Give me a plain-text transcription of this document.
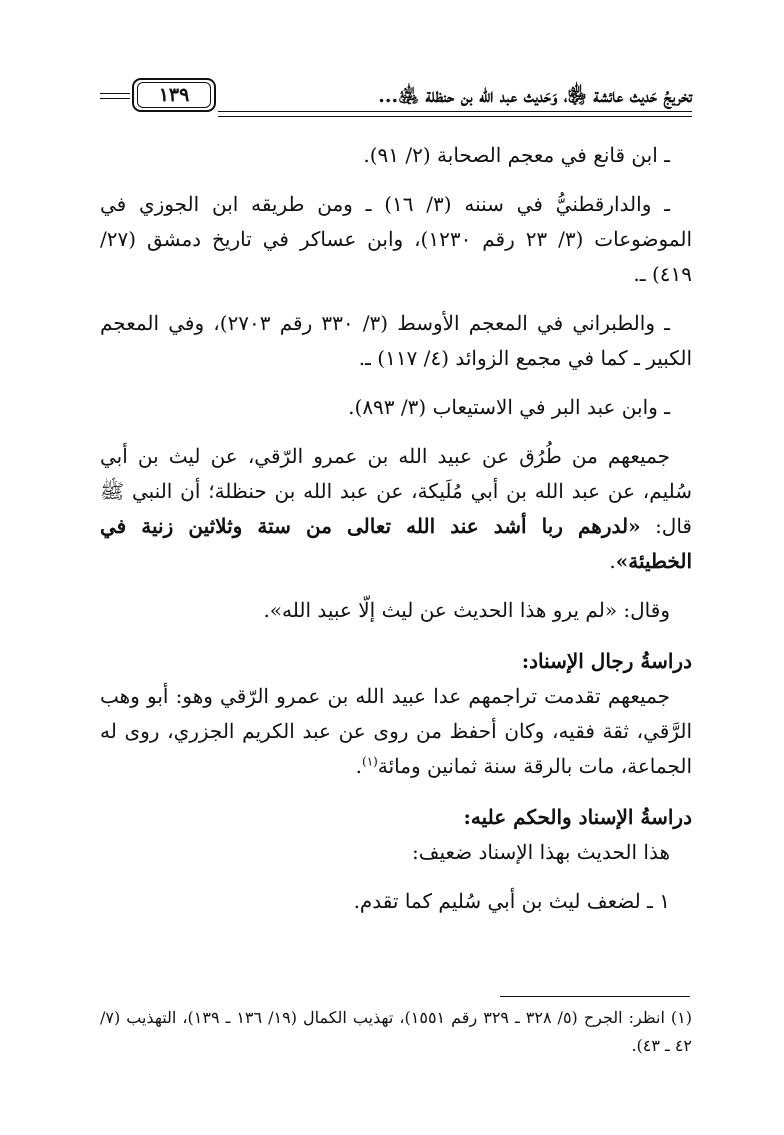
تخريجُ حَديث عائشة ﵂، وَحَديث عبد الله بن حنظلة ﵁...
١٣٩

ـ ابن قانع في معجم الصحابة (٢/ ٩١).

ـ والدارقطنيُّ في سننه (٣/ ١٦) ـ ومن طريقه ابن الجوزي في الموضوعات (٣/ ٢٣ رقم ١٢٣٠)، وابن عساكر في تاريخ دمشق (٢٧/ ٤١٩) ـ.

ـ والطبراني في المعجم الأوسط (٣/ ٣٣٠ رقم ٢٧٠٣)، وفي المعجم الكبير ـ كما في مجمع الزوائد (٤/ ١١٧) ـ.

ـ وابن عبد البر في الاستيعاب (٣/ ٨٩٣).

جميعهم من طُرُق عن عبيد الله بن عمرو الرّقي، عن ليث بن أبي سُليم، عن عبد الله بن أبي مُلَيكة، عن عبد الله بن حنظلة؛ أن النبي ﷺ قال: «لدرهم ربا أشد عند الله تعالى من ستة وثلاثين زنية في الخطيئة».

وقال: «لم يرو هذا الحديث عن ليث إلّا عبيد الله».

دراسةُ رجال الإسناد:

جميعهم تقدمت تراجمهم عدا عبيد الله بن عمرو الرّقي وهو: أبو وهب الرَّقي، ثقة فقيه، وكان أحفظ من روى عن عبد الكريم الجزري، روى له الجماعة، مات بالرقة سنة ثمانين ومائة$^{(١)}$.

دراسةُ الإسناد والحكم عليه:

هذا الحديث بهذا الإسناد ضعيف:

١ ـ لضعف ليث بن أبي سُليم كما تقدم.

(١) انظر: الجرح (٥/ ٣٢٨ ـ ٣٢٩ رقم ١٥٥١)، تهذيب الكمال (١٩/ ١٣٦ ـ ١٣٩)، التهذيب (٧/ ٤٢ ـ ٤٣).
